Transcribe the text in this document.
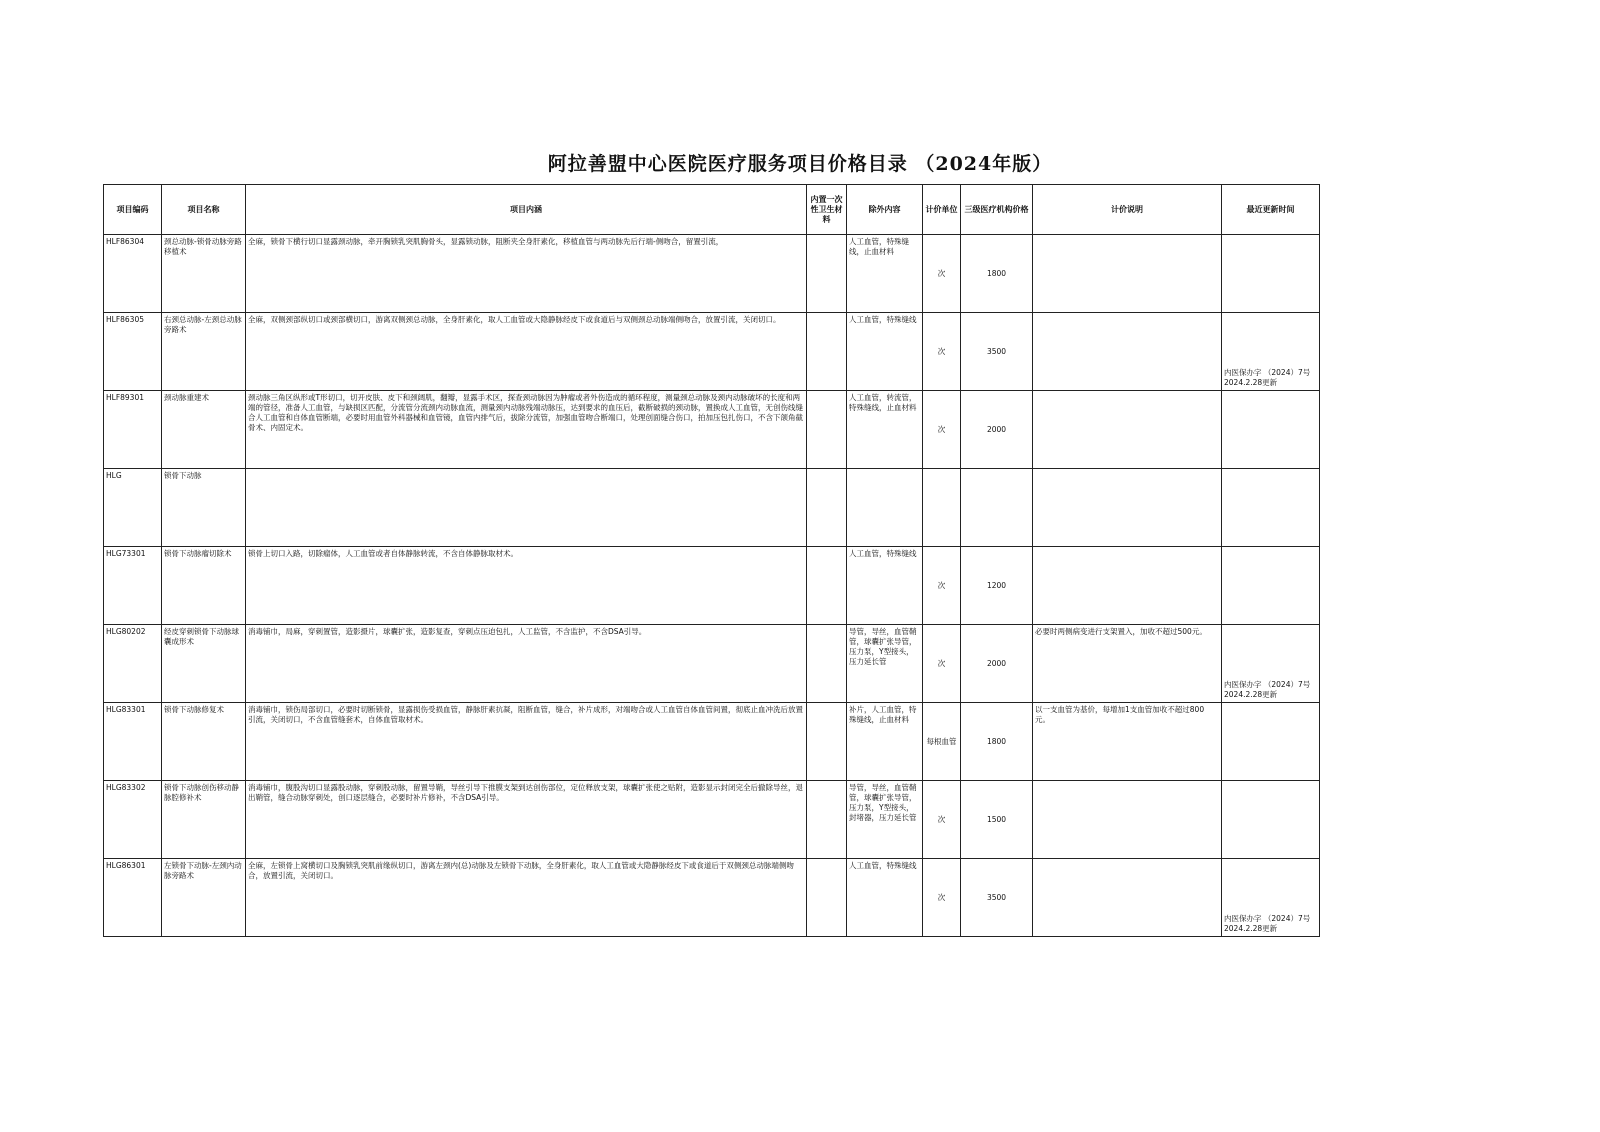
阿拉善盟中心医院医疗服务项目价格目录 （2024年版）
项目编码	项目名称	项目内涵	内置一次性卫生材料	除外内容	计价单位	三级医疗机构价格	计价说明	最近更新时间
HLF86304	颈总动脉-锁骨动脉旁路移植术	全麻，锁骨下横行切口显露颈动脉，牵开胸锁乳突肌胸骨头，显露锁动脉，阻断夹全身肝素化，移植血管与两动脉先后行端-侧吻合，留置引流，		人工血管，特殊缝线，止血材料	次	1800		
HLF86305	右颈总动脉-左颈总动脉旁路术	全麻，双侧颈部纵切口或颈部横切口，游离双侧颈总动脉，全身肝素化，取人工血管或大隐静脉经皮下或食道后与双侧颈总动脉端侧吻合，放置引流，关闭切口。		人工血管，特殊缝线	次	3500		内医保办字 （2024）7号 2024.2.28更新
HLF89301	颈动脉重建术	颈动脉三角区纵形或T形切口，切开皮肤、皮下和颈阔肌，翻瓣，显露手术区，探查颈动脉因为肿瘤或者外伤造成的循环程度，测量颈总动脉及颈内动脉破坏的长度和两端的管径，准备人工血管，与缺损区匹配，分流管分流颈内动脉血流，测量颈内动脉残端动脉压，达到要求的血压后，截断破损的颈动脉，置换成人工血管，无创伤线缝合人工血管和自体血管断端，必要时用血管外科器械和血管镜，血管内排气后，拔除分流管，加强血管吻合断端口，处理创面缝合伤口，拍加压包扎伤口，不含下颌角截骨术、内固定术。		人工血管，转流管，特殊缝线，止血材料	次	2000		
HLG	锁骨下动脉							
HLG73301	锁骨下动脉瘤切除术	锁骨上切口入路，切除瘤体，人工血管或者自体静脉转流，不含自体静脉取材术。		人工血管，特殊缝线	次	1200		
HLG80202	经皮穿刺锁骨下动脉球囊成形术	消毒铺巾，局麻，穿刺置管，造影摄片，球囊扩张，造影复查，穿刺点压迫包扎，人工监管，不含监护，不含DSA引导。		导管，导丝，血管鞘管，球囊扩张导管，压力泵，Y型接头，压力延长管	次	2000	必要时两侧病变进行支架置入，加收不超过500元。	内医保办字 （2024）7号 2024.2.28更新
HLG83301	锁骨下动脉修复术	消毒铺巾，锁伤局部切口，必要时切断锁骨，显露损伤受损血管，静脉肝素抗凝，阻断血管，缝合，补片成形，对端吻合或人工血管自体血管间置，彻底止血冲洗后放置引流，关闭切口，不含血管缝套术，自体血管取材术。		补片，人工血管，特殊缝线，止血材料	每根血管	1800	以一支血管为基价，每增加1支血管加收不超过800元。	
HLG83302	锁骨下动脉创伤移动静脉腔修补术	消毒铺巾，腹股沟切口显露股动脉，穿刺股动脉，留置导鞘，导丝引导下推膜支架到达创伤部位，定位释放支架，球囊扩张使之贴附，造影显示封闭完全后撤除导丝，退出鞘管，缝合动脉穿刺处，创口逐层缝合，必要时补片修补，不含DSA引导。		导管，导丝，血管鞘管，球囊扩张导管，压力泵，Y型接头，封堵器，压力延长管	次	1500		
HLG86301	左锁骨下动脉-左颈内动脉旁路术	全麻，左锁骨上窝横切口及胸锁乳突肌前缘纵切口，游离左颈内(总)动脉及左锁骨下动脉，全身肝素化，取人工血管或大隐静脉经皮下或食道后于双侧颈总动脉端侧吻合，放置引流，关闭切口。		人工血管，特殊缝线	次	3500		内医保办字 （2024）7号 2024.2.28更新
